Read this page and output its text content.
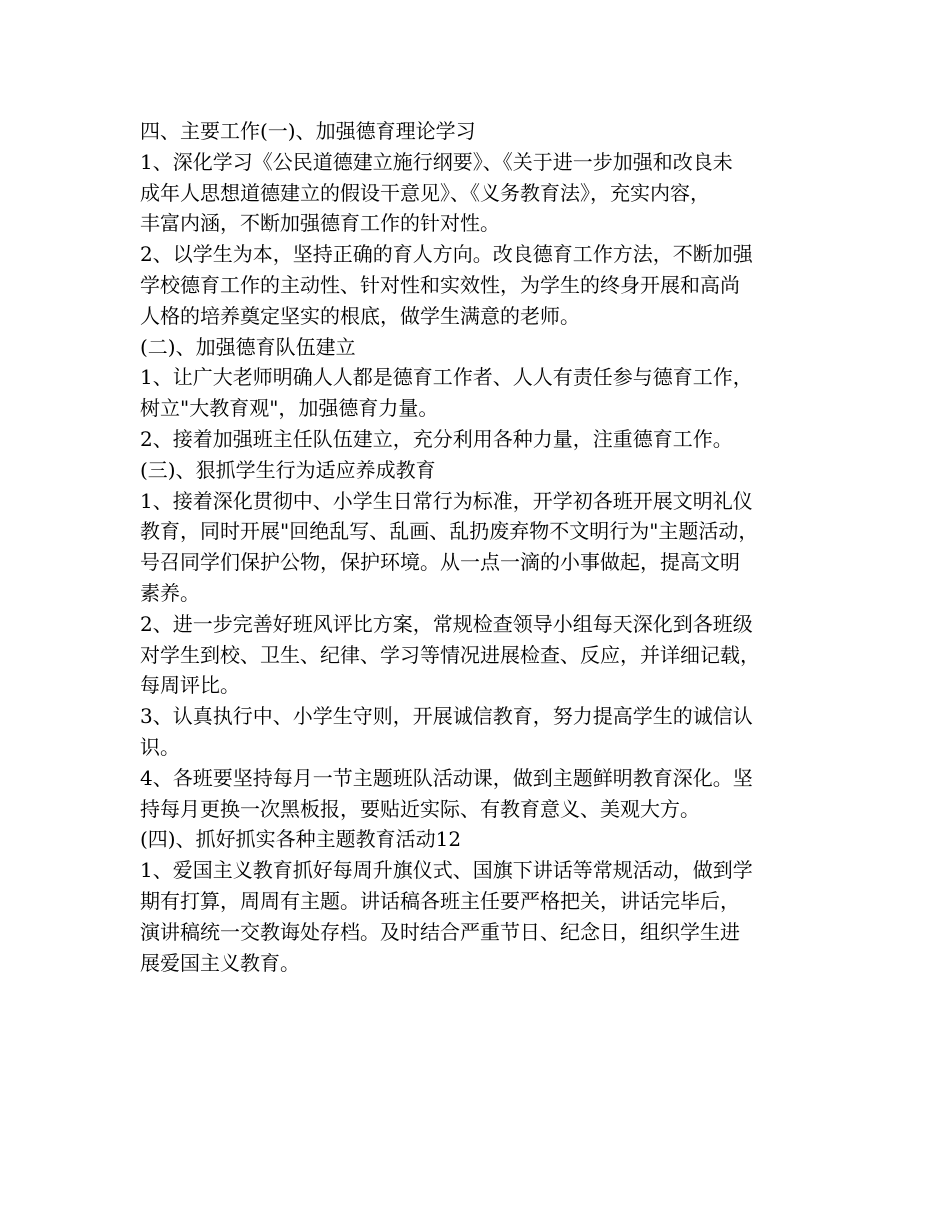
四、主要工作(一)、加强德育理论学习
1、深化学习《公民道德建立施行纲要》、《关于进一步加强和改良未
成年人思想道德建立的假设干意见》、《义务教育法》，充实内容，
丰富内涵，不断加强德育工作的针对性。
2、以学生为本，坚持正确的育人方向。改良德育工作方法，不断加强
学校德育工作的主动性、针对性和实效性，为学生的终身开展和高尚
人格的培养奠定坚实的根底，做学生满意的老师。
(二)、加强德育队伍建立
1、让广大老师明确人人都是德育工作者、人人有责任参与德育工作，
树立"大教育观"，加强德育力量。
2、接着加强班主任队伍建立，充分利用各种力量，注重德育工作。
(三)、狠抓学生行为适应养成教育
1、接着深化贯彻中、小学生日常行为标准，开学初各班开展文明礼仪
教育，同时开展"回绝乱写、乱画、乱扔废弃物不文明行为"主题活动，
号召同学们保护公物，保护环境。从一点一滴的小事做起，提高文明
素养。
2、进一步完善好班风评比方案，常规检查领导小组每天深化到各班级
对学生到校、卫生、纪律、学习等情况进展检查、反应，并详细记载，
每周评比。
3、认真执行中、小学生守则，开展诚信教育，努力提高学生的诚信认
识。
4、各班要坚持每月一节主题班队活动课，做到主题鲜明教育深化。坚
持每月更换一次黑板报，要贴近实际、有教育意义、美观大方。
(四)、抓好抓实各种主题教育活动12
1、爱国主义教育抓好每周升旗仪式、国旗下讲话等常规活动，做到学
期有打算，周周有主题。讲话稿各班主任要严格把关，讲话完毕后，
演讲稿统一交教诲处存档。及时结合严重节日、纪念日，组织学生进
展爱国主义教育。
